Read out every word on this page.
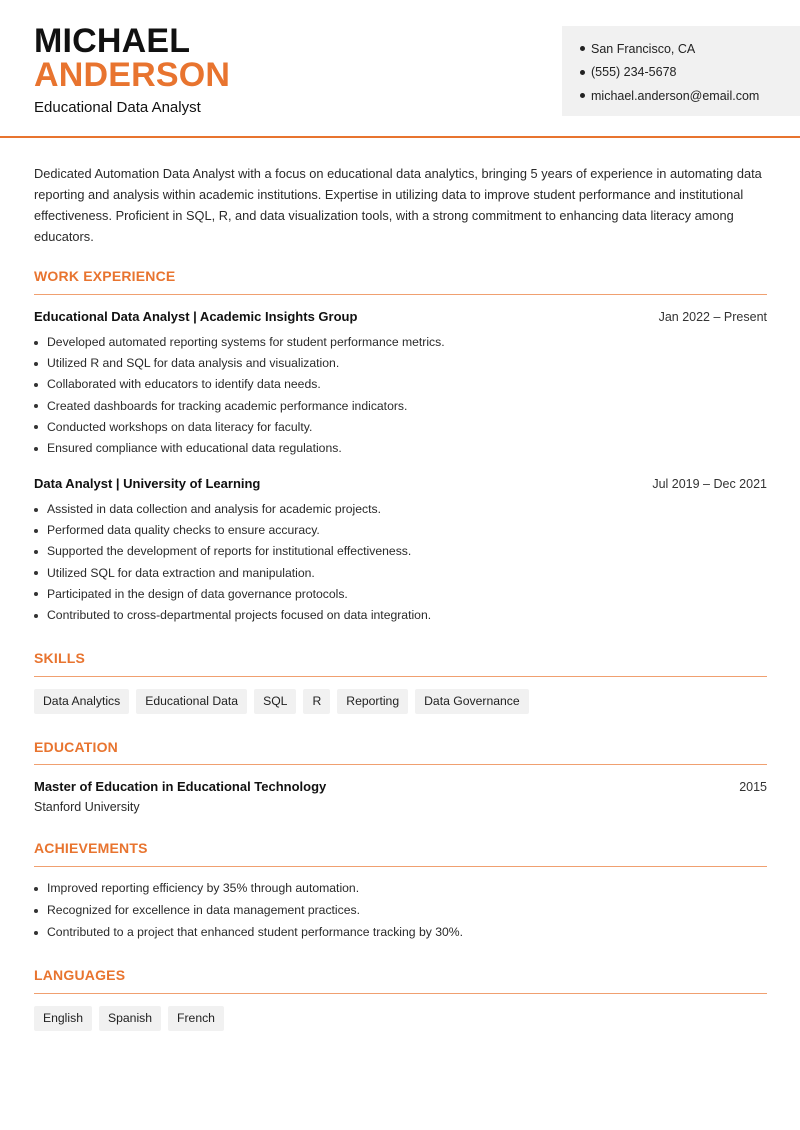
MICHAEL
ANDERSON
Educational Data Analyst
San Francisco, CA
(555) 234-5678
michael.anderson@email.com

Dedicated Automation Data Analyst with a focus on educational data analytics, bringing 5 years of experience in automating data reporting and analysis within academic institutions. Expertise in utilizing data to improve student performance and institutional effectiveness. Proficient in SQL, R, and data visualization tools, with a strong commitment to enhancing data literacy among educators.

WORK EXPERIENCE
Educational Data Analyst | Academic Insights Group	Jan 2022 – Present
Developed automated reporting systems for student performance metrics.
Utilized R and SQL for data analysis and visualization.
Collaborated with educators to identify data needs.
Created dashboards for tracking academic performance indicators.
Conducted workshops on data literacy for faculty.
Ensured compliance with educational data regulations.
Data Analyst | University of Learning	Jul 2019 – Dec 2021
Assisted in data collection and analysis for academic projects.
Performed data quality checks to ensure accuracy.
Supported the development of reports for institutional effectiveness.
Utilized SQL for data extraction and manipulation.
Participated in the design of data governance protocols.
Contributed to cross-departmental projects focused on data integration.
SKILLS
Data Analytics	Educational Data	SQL	R	Reporting	Data Governance
EDUCATION
Master of Education in Educational Technology	2015
Stanford University
ACHIEVEMENTS
Improved reporting efficiency by 35% through automation.
Recognized for excellence in data management practices.
Contributed to a project that enhanced student performance tracking by 30%.
LANGUAGES
English	Spanish	French
